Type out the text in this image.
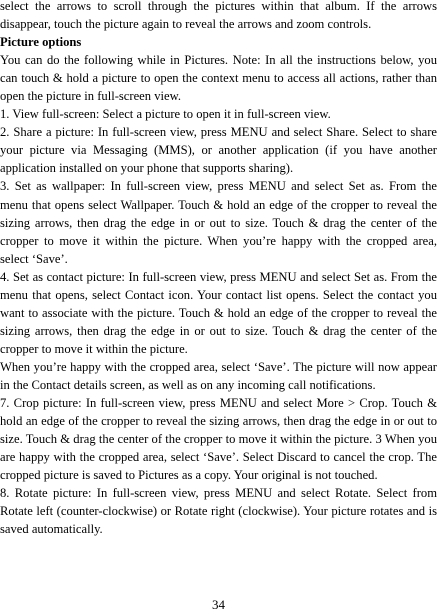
select the arrows to scroll through the pictures within that album. If the arrows disappear, touch the picture again to reveal the arrows and zoom controls.

Picture options

You can do the following while in Pictures. Note: In all the instructions below, you can touch & hold a picture to open the context menu to access all actions, rather than open the picture in full-screen view.

1. View full-screen: Select a picture to open it in full-screen view.

2. Share a picture: In full-screen view, press MENU and select Share. Select to share your picture via Messaging (MMS), or another application (if you have another application installed on your phone that supports sharing).

3. Set as wallpaper: In full-screen view, press MENU and select Set as. From the menu that opens select Wallpaper. Touch & hold an edge of the cropper to reveal the sizing arrows, then drag the edge in or out to size. Touch & drag the center of the cropper to move it within the picture. When you’re happy with the cropped area, select ‘Save’.

4. Set as contact picture: In full-screen view, press MENU and select Set as. From the menu that opens, select Contact icon. Your contact list opens. Select the contact you want to associate with the picture. Touch & hold an edge of the cropper to reveal the sizing arrows, then drag the edge in or out to size. Touch & drag the center of the cropper to move it within the picture.

When you’re happy with the cropped area, select ‘Save’. The picture will now appear in the Contact details screen, as well as on any incoming call notifications.

7. Crop picture: In full-screen view, press MENU and select More > Crop. Touch & hold an edge of the cropper to reveal the sizing arrows, then drag the edge in or out to size. Touch & drag the center of the cropper to move it within the picture. 3 When you are happy with the cropped area, select ‘Save’. Select Discard to cancel the crop. The cropped picture is saved to Pictures as a copy. Your original is not touched.

8. Rotate picture: In full-screen view, press MENU and select Rotate. Select from Rotate left (counter-clockwise) or Rotate right (clockwise). Your picture rotates and is saved automatically.

34
